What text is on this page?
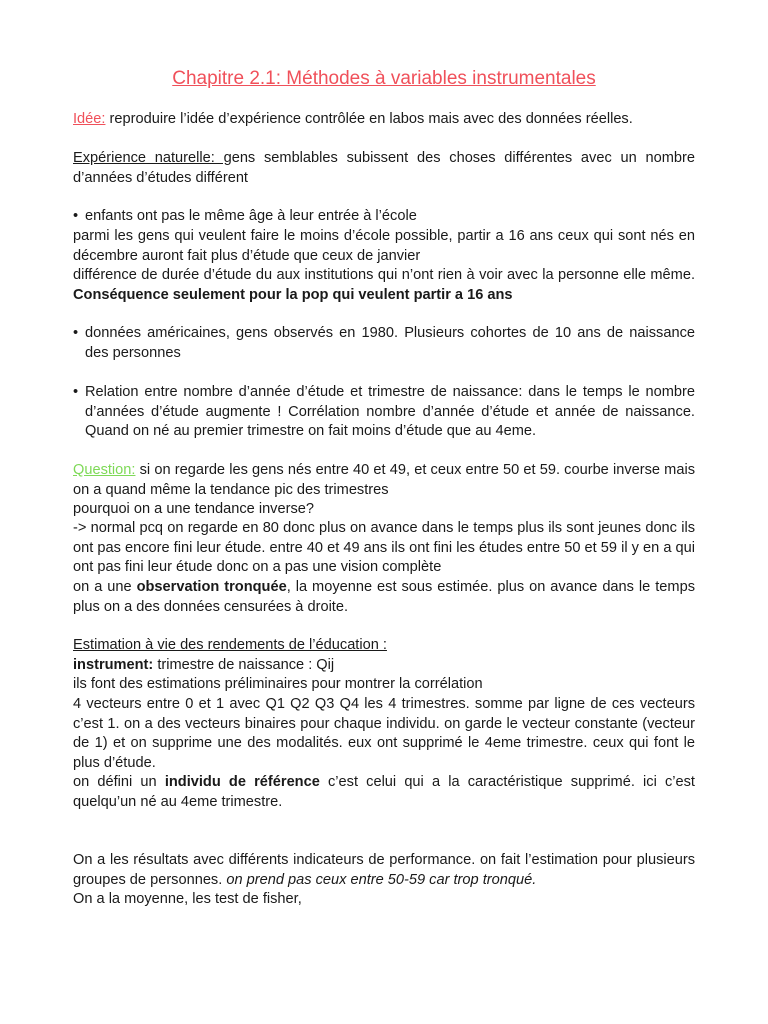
Chapitre 2.1: Méthodes à variables instrumentales

Idée: reproduire l’idée d’expérience contrôlée en labos mais avec des données réelles.

Expérience naturelle: gens semblables subissent des choses différentes avec un nombre d’années d’études différent

• enfants ont pas le même âge à leur entrée à l’école

parmi les gens qui veulent faire le moins d’école possible, partir a 16 ans ceux qui sont nés en décembre auront fait plus d’étude que ceux de janvier

différence de durée d’étude du aux institutions qui n’ont rien à voir avec la personne elle même. Conséquence seulement pour la pop qui veulent partir a 16 ans

• données américaines, gens observés en 1980. Plusieurs cohortes de 10 ans de naissance des personnes

• Relation entre nombre d’année d’étude et trimestre de naissance: dans le temps le nombre d’années d’étude augmente ! Corrélation nombre d’année d’étude et année de naissance. Quand on né au premier trimestre on fait moins d’étude que au 4eme.

Question: si on regarde les gens nés entre 40 et 49, et ceux entre 50 et 59. courbe inverse mais on a quand même la tendance pic des trimestres

pourquoi on a une tendance inverse?

-> normal pcq on regarde en 80 donc plus on avance dans le temps plus ils sont jeunes donc ils ont pas encore fini leur étude. entre 40 et 49 ans ils ont fini les études entre 50 et 59 il y en a qui ont pas fini leur étude donc on a pas une vision complète

on a une observation tronquée, la moyenne est sous estimée. plus on avance dans le temps plus on a des données censurées à droite.

Estimation à vie des rendements de l’éducation :

instrument: trimestre de naissance : Qij

ils font des estimations préliminaires pour montrer la corrélation

4 vecteurs entre 0 et 1 avec Q1 Q2 Q3 Q4 les 4 trimestres. somme par ligne de ces vecteurs c’est 1. on a des vecteurs binaires pour chaque individu. on garde le vecteur constante (vecteur de 1) et on supprime une des modalités. eux ont supprimé le 4eme trimestre. ceux qui font le plus d’étude.

on défini un individu de référence c’est celui qui a la caractéristique supprimé. ici c’est quelqu’un né au 4eme trimestre.

On a les résultats avec différents indicateurs de performance. on fait l’estimation pour plusieurs groupes de personnes. on prend pas ceux entre 50-59 car trop tronqué.

On a la moyenne, les test de fisher,
